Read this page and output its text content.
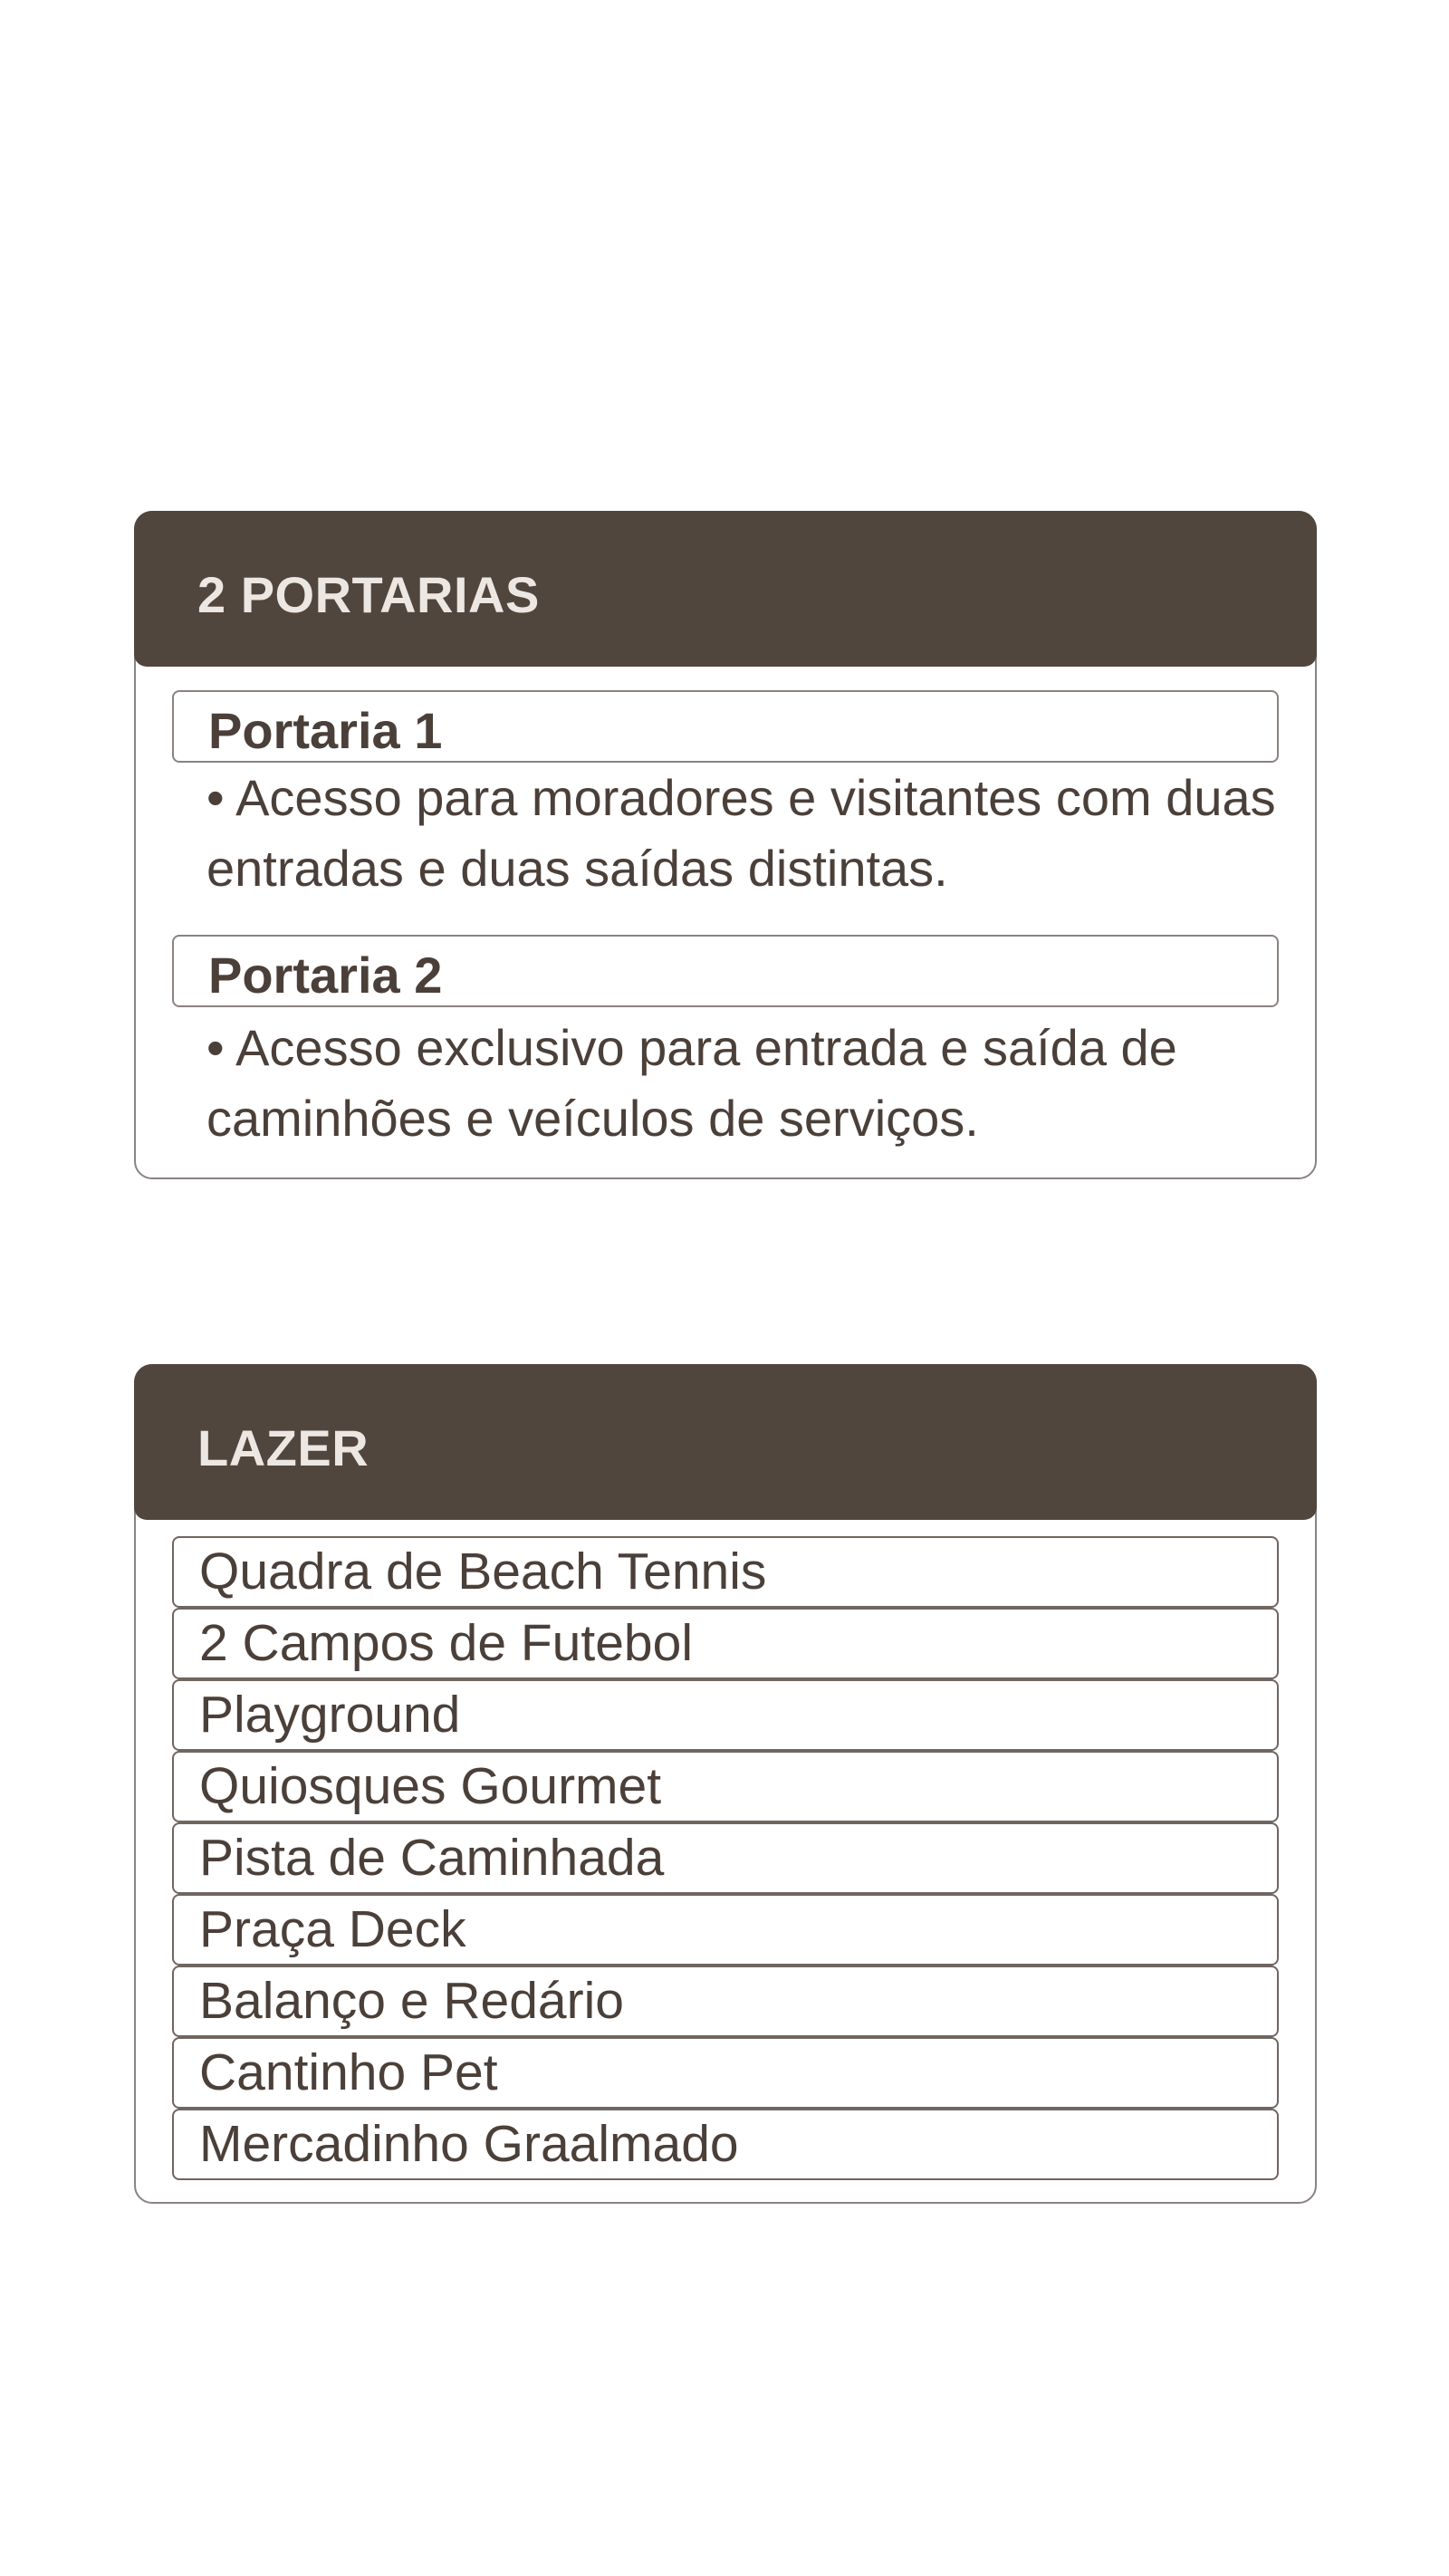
2 PORTARIAS
Portaria 1

• Acesso para moradores e visitantes com duas entradas e duas saídas distintas.

Portaria 2

• Acesso exclusivo para entrada e saída de caminhões e veículos de serviços.

LAZER
Quadra de Beach Tennis
2 Campos de Futebol
Playground
Quiosques Gourmet
Pista de Caminhada
Praça Deck
Balanço e Redário
Cantinho Pet
Mercadinho Graalmado
